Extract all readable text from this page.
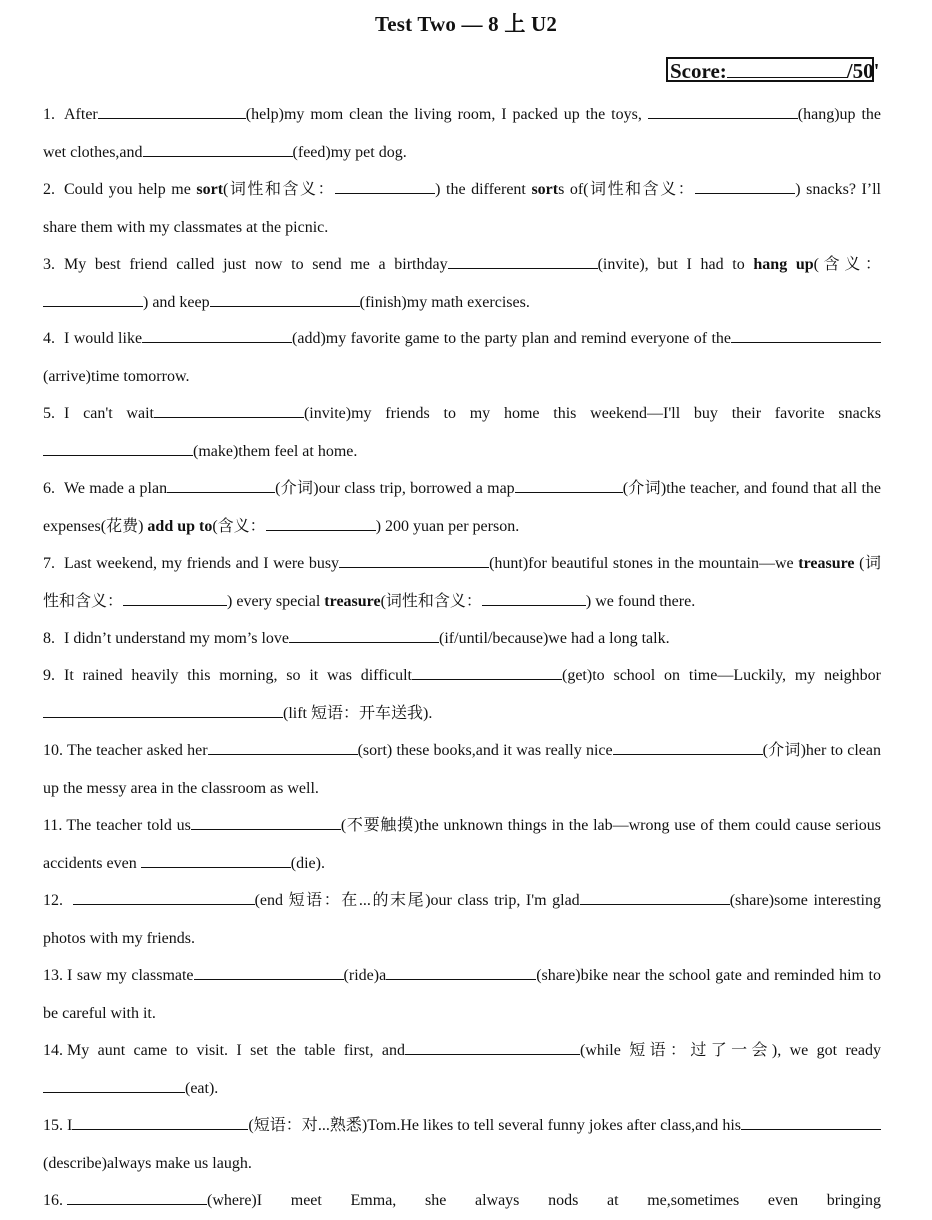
Test Two — 8 上 U2
Score:	/50'
1. After	(help)my mom clean the living room, I packed up the toys,	(hang)up the wet clothes,and	(feed)my pet dog.
2. Could you help me sort(词性和含义：	) the different sorts of(词性和含义：	) snacks? I’ll share them with my classmates at the picnic.
3. My best friend called just now to send me a birthday	(invite), but I had to hang up(含义： ) and keep	(finish)my math exercises.
4. I would like	(add)my favorite game to the party plan and remind everyone of the(arrive)time tomorrow.
5. I can't wait	(invite)my friends to my home this weekend—I'll buy their favorite snacks(make)them feel at home.
6. We made a plan	(介词)our class trip, borrowed a map	(介词)the teacher, and found that all the expenses(花费) add up to(含义：	) 200 yuan per person.
7. Last weekend, my friends and I were busy	(hunt)for beautiful stones in the mountain—we treasure (词性和含义：	) every special treasure(词性和含义：	) we found there.
8. I didn’t understand my mom’s love	(if/until/because)we had a long talk.
9. It rained heavily this morning, so it was difficult	(get)to school on time—Luckily, my neighbor(lift 短语：开车送我).
10. The teacher asked her	(sort) these books,and it was really nice	(介词)her to clean up the messy area in the classroom as well.
11. The teacher told us	(不要触摸)the unknown things in the lab—wrong use of them could cause serious accidents even	(die).
12.	(end 短语：在...的末尾)our class trip, I'm glad	(share)some interesting photos with my friends.
13. I saw my classmate	(ride)a	(share)bike near the school gate and reminded him to be careful with it.
14. My aunt came to visit. I set the table first, and	(while 短语：过了一会), we got ready(eat).
15. I	(短语：对...熟悉)Tom.He likes to tell several funny jokes after class,and his(describe)always make us laugh.
16.	(where)I meet Emma, she always nods at me,sometimes even bringing
